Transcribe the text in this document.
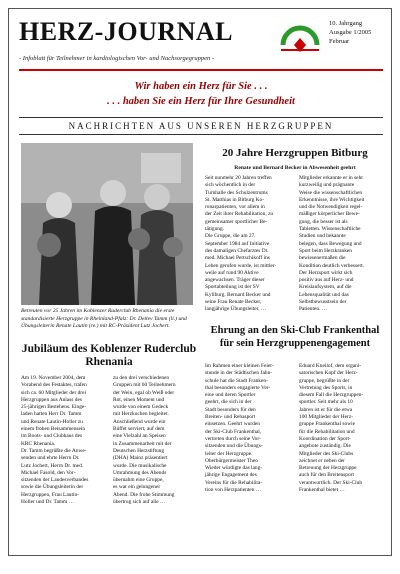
HERZ-JOURNAL
- Infoblatt für Teilnehmer in kardiologischen Vor- und Nachsorgegruppen -
10. Jahrgang
Ausgabe 1/2005
Februar
Wir haben ein Herz für Sie . . .
. . . haben Sie ein Herz für Ihre Gesundheit
NACHRICHTEN AUS UNSEREN HERZGRUPPEN
Betreuten vor 25 Jahren im Koblenzer Ruderclub Rhenania die erste standardisierte Herzgruppe in Rheinland-Pfalz: Dr. Detlev Tamm (li.) und Übungsleiterin Renate Lautin (re.) mit RC-Präsident Lutz Jochert.
20 Jahre Herzgruppen Bitburg
Renate und Bernard Becker in Abwesenheit geehrt
Seit nunmehr 20 Jahren treffen
sich wöchentlich in der
Turnhalle des Schulzentrums
St. Matthias in Bitburg Ko-
ronarpatienten, vor allem in
der Zeit ihrer Rehabilitation, zu
gemeinsamer sportlicher Be-
tätigung.
Die Gruppe, die am 27.
September 1984 auf Initiative
des damaligen Chefarztes Dr.
med. Michael Pertschikoff ins
Leben gerufen wurde, ist mittler-
weile auf rund 90 Aktive
angewachsen. Träger dieser
Sportabteilung ist der SV
Kyllburg. Bernard Becker und
seine Frau Renate Becker,
langjährige Übungsleiter, …
Mitglieder erkannte er in sehr
kurzweilig und prägnante
Weise die wissenschaftlichen
Erkenntnisse, ihre Wichtigkeit
und die Notwendigkeit regel-
mäßiger körperlicher Bewe-
gung, die besser ist als
Tabletten. Wissenschaftliche
Studien und bekannte
belegen, dass Bewegung und
Sport beim Herzkranken
bewiesenermaßen die
Kondition deutlich verbessert.
Der Herzsport wirkt sich
positiv aus auf Herz- und
Kreislaufsystem, auf die
Lebensqualität und das
Selbstbewusstsein der
Patienten. …
Jubiläum des Koblenzer Ruderclub Rhenania
Am 19. November 2004, dem
Vorabend des Festaktes, trafen
sich ca. 60 Mitglieder der drei
Herzgruppen aus Anlass des
25-jährigen Bestehens. Einge-
laden hatten Herr Dr. Tamm
und Renate Lautin-Holler zu
einem frohen Beisammensein
im Boots- und Clubhaus des
KRC Rhenania.
Dr. Tamm begrüßte die Anwe-
senden und ehrte Herrn Dr.
Lutz Jochert, Herrn Dr. med.
Michael Fasold, den Vor-
sitzenden der Landesverbandes
sowie die Übungsleiterin der
Herzgruppen, Frau Lautin-
Holler und Dr. Tamm …
zu den drei verschiedenen
Gruppen mit 60 Teilnehmern
der Wein, egal ob Weiß oder
Rot, einen Moment und
wurde von einem Gedeck
mit Herzkuchen begleitet.
Anschließend wurde ein
Büffet serviert, auf dem
eine Vielzahl an Speisen
in Zusammenarbeit mit der
Deutschen Herzstiftung
(DHA) Mainz präsentiert
wurde. Die musikalische
Umrahmung des Abends
übernahm eine Gruppe,
es war ein gelungener
Abend. Die frohe Stimmung
übertrug sich auf alle …
Ehrung an den Ski-Club Frankenthal für sein Herzgruppenengagement
Im Rahmen einer kleinen Feier-
stunde in der Städtischen Jahn-
schule hat die Stadt Franken-
thal besonders engagierte Ver-
eine und deren Sportler
geehrt, die sich in der
Stadt besonders für den
Breiten- und Rehasport
einsetzen. Geehrt wurden
der Ski-Club Frankenthal,
vertreten durch seine Vor-
sitzenden und die Übungs-
leiter der Herzgruppe.
Oberbürgermeister Theo
Wieder würdigte das lang-
jährige Engagement des
Vereins für die Rehabilita-
tion von Herzpatienten …
Eduard Kneilof, dem organi-
satorischen Kopf der Herz-
gruppe, begrüßte in der
Vertretung des Sports, in
diesem Fall die Herzgruppen-
sportler. Seit mehr als 10
Jahren ist er für die etwa
100 Mitglieder der Herz-
gruppe Frankenthal sowie
für die Rehabilitation und
Koordination der Sport-
angebote zuständig. Die
Mitglieder des Ski-Clubs
zeichnet er neben der
Betreuung der Herzgruppe
auch für den Breitensport
verantwortlich. Der Ski-Club
Frankenthal bietet …
